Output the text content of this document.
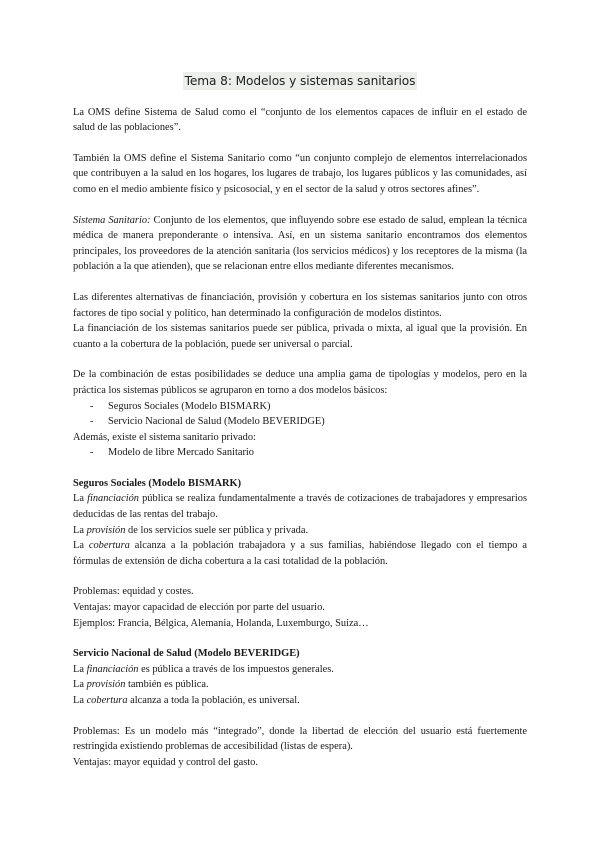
Tema 8: Modelos y sistemas sanitarios

La OMS define Sistema de Salud como el “conjunto de los elementos capaces de influir en el estado de salud de las poblaciones”.

También la OMS define el Sistema Sanitario como “un conjunto complejo de elementos interrelacionados que contribuyen a la salud en los hogares, los lugares de trabajo, los lugares públicos y las comunidades, así como en el medio ambiente físico y psicosocial, y en el sector de la salud y otros sectores afines”.

Sistema Sanitario: Conjunto de los elementos, que influyendo sobre ese estado de salud, emplean la técnica médica de manera preponderante o intensiva. Así, en un sistema sanitario encontramos dos elementos principales, los proveedores de la atención sanitaria (los servicios médicos) y los receptores de la misma (la población a la que atienden), que se relacionan entre ellos mediante diferentes mecanismos.

Las diferentes alternativas de financiación, provisión y cobertura en los sistemas sanitarios junto con otros factores de tipo social y político, han determinado la configuración de modelos distintos.

La financiación de los sistemas sanitarios puede ser pública, privada o mixta, al igual que la provisión. En cuanto a la cobertura de la población, puede ser universal o parcial.

De la combinación de estas posibilidades se deduce una amplia gama de tipologías y modelos, pero en la práctica los sistemas públicos se agruparon en torno a dos modelos básicos:

- Seguros Sociales (Modelo BISMARK)
- Servicio Nacional de Salud (Modelo BEVERIDGE)
Además, existe el sistema sanitario privado:
- Modelo de libre Mercado Sanitario
Seguros Sociales (Modelo BISMARK)

La financiación pública se realiza fundamentalmente a través de cotizaciones de trabajadores y empresarios deducidas de las rentas del trabajo.

La provisión de los servicios suele ser pública y privada.

La cobertura alcanza a la población trabajadora y a sus familias, habiéndose llegado con el tiempo a fórmulas de extensión de dicha cobertura a la casi totalidad de la población.

Problemas: equidad y costes.
Ventajas: mayor capacidad de elección por parte del usuario.
Ejemplos: Francia, Bélgica, Alemania, Holanda, Luxemburgo, Suiza…
Servicio Nacional de Salud (Modelo BEVERIDGE)

La financiación es pública a través de los impuestos generales.

La provisión también es pública.

La cobertura alcanza a toda la población, es universal.

Problemas: Es un modelo más “integrado”, donde la libertad de elección del usuario está fuertemente restringida existiendo problemas de accesibilidad (listas de espera).

Ventajas: mayor equidad y control del gasto.
